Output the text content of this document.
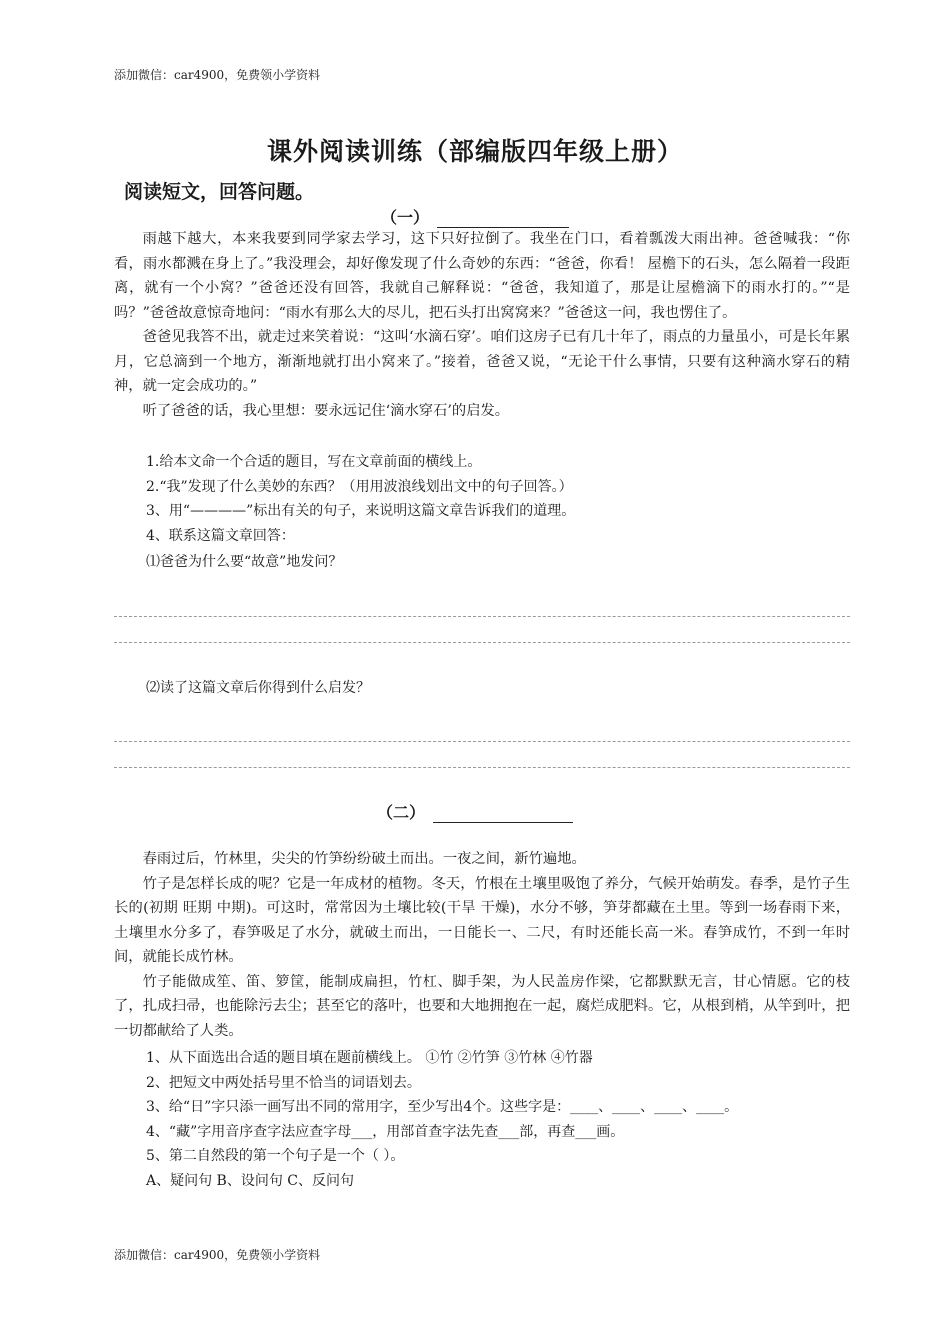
添加微信：car4900，免费领小学资料
课外阅读训练（部编版四年级上册）
阅读短文，回答问题。
（一）

雨越下越大，本来我要到同学家去学习，这下只好拉倒了。我坐在门口，看着瓢泼大雨出神。爸爸喊我：“你看，雨水都溅在身上了。”我没理会，却好像发现了什么奇妙的东西：“爸爸，你看！ 屋檐下的石头，怎么隔着一段距离，就有一个小窝？”爸爸还没有回答，我就自己解释说：“爸爸，我知道了，那是让屋檐滴下的雨水打的。”“是吗？”爸爸故意惊奇地问：“雨水有那么大的尽儿，把石头打出窝窝来？”爸爸这一问，我也愣住了。

爸爸见我答不出，就走过来笑着说：“这叫‘水滴石穿’。咱们这房子已有几十年了，雨点的力量虽小，可是长年累月，它总滴到一个地方，渐渐地就打出小窝来了。”接着，爸爸又说，“无论干什么事情，只要有这种滴水穿石的精神，就一定会成功的。”

听了爸爸的话，我心里想：要永远记住‘滴水穿石’的启发。

1.给本文命一个合适的题目，写在文章前面的横线上。
2.“我”发现了什么美妙的东西？（用用波浪线划出文中的句子回答。）
3、用“————”标出有关的句子，来说明这篇文章告诉我们的道理。
4、联系这篇文章回答：
⑴爸爸为什么要“故意”地发问？
⑵读了这篇文章后你得到什么启发？
（二）

春雨过后，竹林里，尖尖的竹笋纷纷破土而出。一夜之间，新竹遍地。

竹子是怎样长成的呢？它是一年成材的植物。冬天，竹根在土壤里吸饱了养分，气候开始萌发。春季，是竹子生长的(初期 旺期 中期)。可这时，常常因为土壤比较(干旱 干燥)，水分不够，笋芽都藏在土里。等到一场春雨下来，土壤里水分多了，春笋吸足了水分，就破土而出，一日能长一、二尺，有时还能长高一米。春笋成竹，不到一年时间，就能长成竹林。

竹子能做成笙、笛、箩筐，能制成扁担，竹杠、脚手架，为人民盖房作梁，它都默默无言，甘心情愿。它的枝了，扎成扫帚，也能除污去尘；甚至它的落叶，也要和大地拥抱在一起，腐烂成肥料。它，从根到梢，从竿到叶，把一切都献给了人类。

1、从下面选出合适的题目填在题前横线上。 ①竹 ②竹笋 ③竹林 ④竹器
2、把短文中两处括号里不恰当的词语划去。
3、给“日”字只添一画写出不同的常用字，至少写出4个。这些字是：____、____、____、____。
4、“藏”字用音序查字法应查字母___，用部首查字法先查___部，再查___画。
5、第二自然段的第一个句子是一个（ ）。
A、疑问句 B、设问句 C、反问句
添加微信：car4900，免费领小学资料
